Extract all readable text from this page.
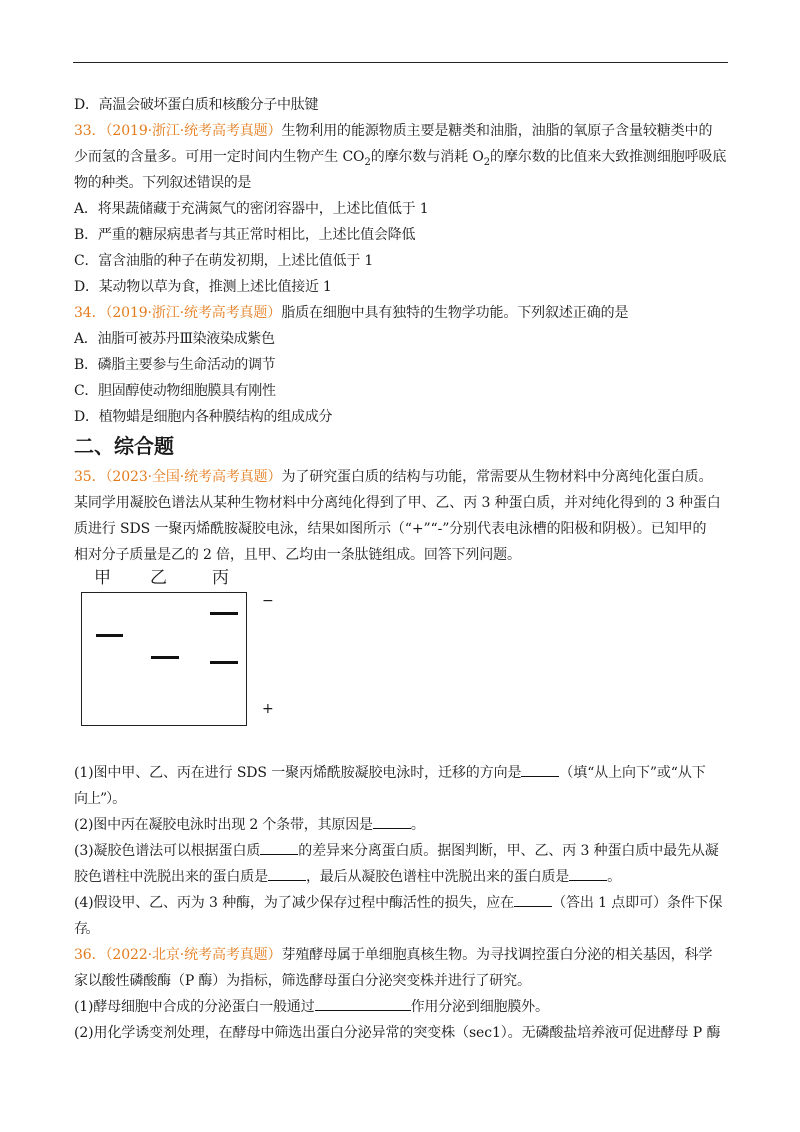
D．高温会破坏蛋白质和核酸分子中肽键
33．（2019·浙江·统考高考真题）生物利用的能源物质主要是糖类和油脂，油脂的氧原子含量较糖类中的
少而氢的含量多。可用一定时间内生物产生 $CO_2$的摩尔数与消耗 $O_2$的摩尔数的比值来大致推测细胞呼吸底
物的种类。下列叙述错误的是
A．将果蔬储藏于充满氮气的密闭容器中，上述比值低于 1
B．严重的糖尿病患者与其正常时相比，上述比值会降低
C．富含油脂的种子在萌发初期，上述比值低于 1
D．某动物以草为食，推测上述比值接近 1
34．（2019·浙江·统考高考真题）脂质在细胞中具有独特的生物学功能。下列叙述正确的是
A．油脂可被苏丹Ⅲ染液染成紫色
B．磷脂主要参与生命活动的调节
C．胆固醇使动物细胞膜具有刚性
D．植物蜡是细胞内各种膜结构的组成成分
二、综合题
35．（2023·全国·统考高考真题）为了研究蛋白质的结构与功能，常需要从生物材料中分离纯化蛋白质。
某同学用凝胶色谱法从某种生物材料中分离纯化得到了甲、乙、丙 3 种蛋白质，并对纯化得到的 3 种蛋白
质进行 SDS 一聚丙烯酰胺凝胶电泳，结果如图所示（“+”“-”分别代表电泳槽的阳极和阴极）。已知甲的
相对分子质量是乙的 2 倍，且甲、乙均由一条肽链组成。回答下列问题。
甲 乙	丙
−
+
(1)图中甲、乙、丙在进行 SDS 一聚丙烯酰胺凝胶电泳时，迁移的方向是	（填“从上向下”或“从下
向上”）。
(2)图中丙在凝胶电泳时出现 2 个条带，其原因是	。
(3)凝胶色谱法可以根据蛋白质	的差异来分离蛋白质。据图判断，甲、乙、丙 3 种蛋白质中最先从凝
胶色谱柱中洗脱出来的蛋白质是	，最后从凝胶色谱柱中洗脱出来的蛋白质是	。
(4)假设甲、乙、丙为 3 种酶，为了减少保存过程中酶活性的损失，应在	（答出 1 点即可）条件下保
存。
36．（2022·北京·统考高考真题）芽殖酵母属于单细胞真核生物。为寻找调控蛋白分泌的相关基因，科学
家以酸性磷酸酶（P 酶）为指标，筛选酵母蛋白分泌突变株并进行了研究。
(1)酵母细胞中合成的分泌蛋白一般通过	作用分泌到细胞膜外。
(2)用化学诱变剂处理，在酵母中筛选出蛋白分泌异常的突变株（sec1）。无磷酸盐培养液可促进酵母 P 酶
